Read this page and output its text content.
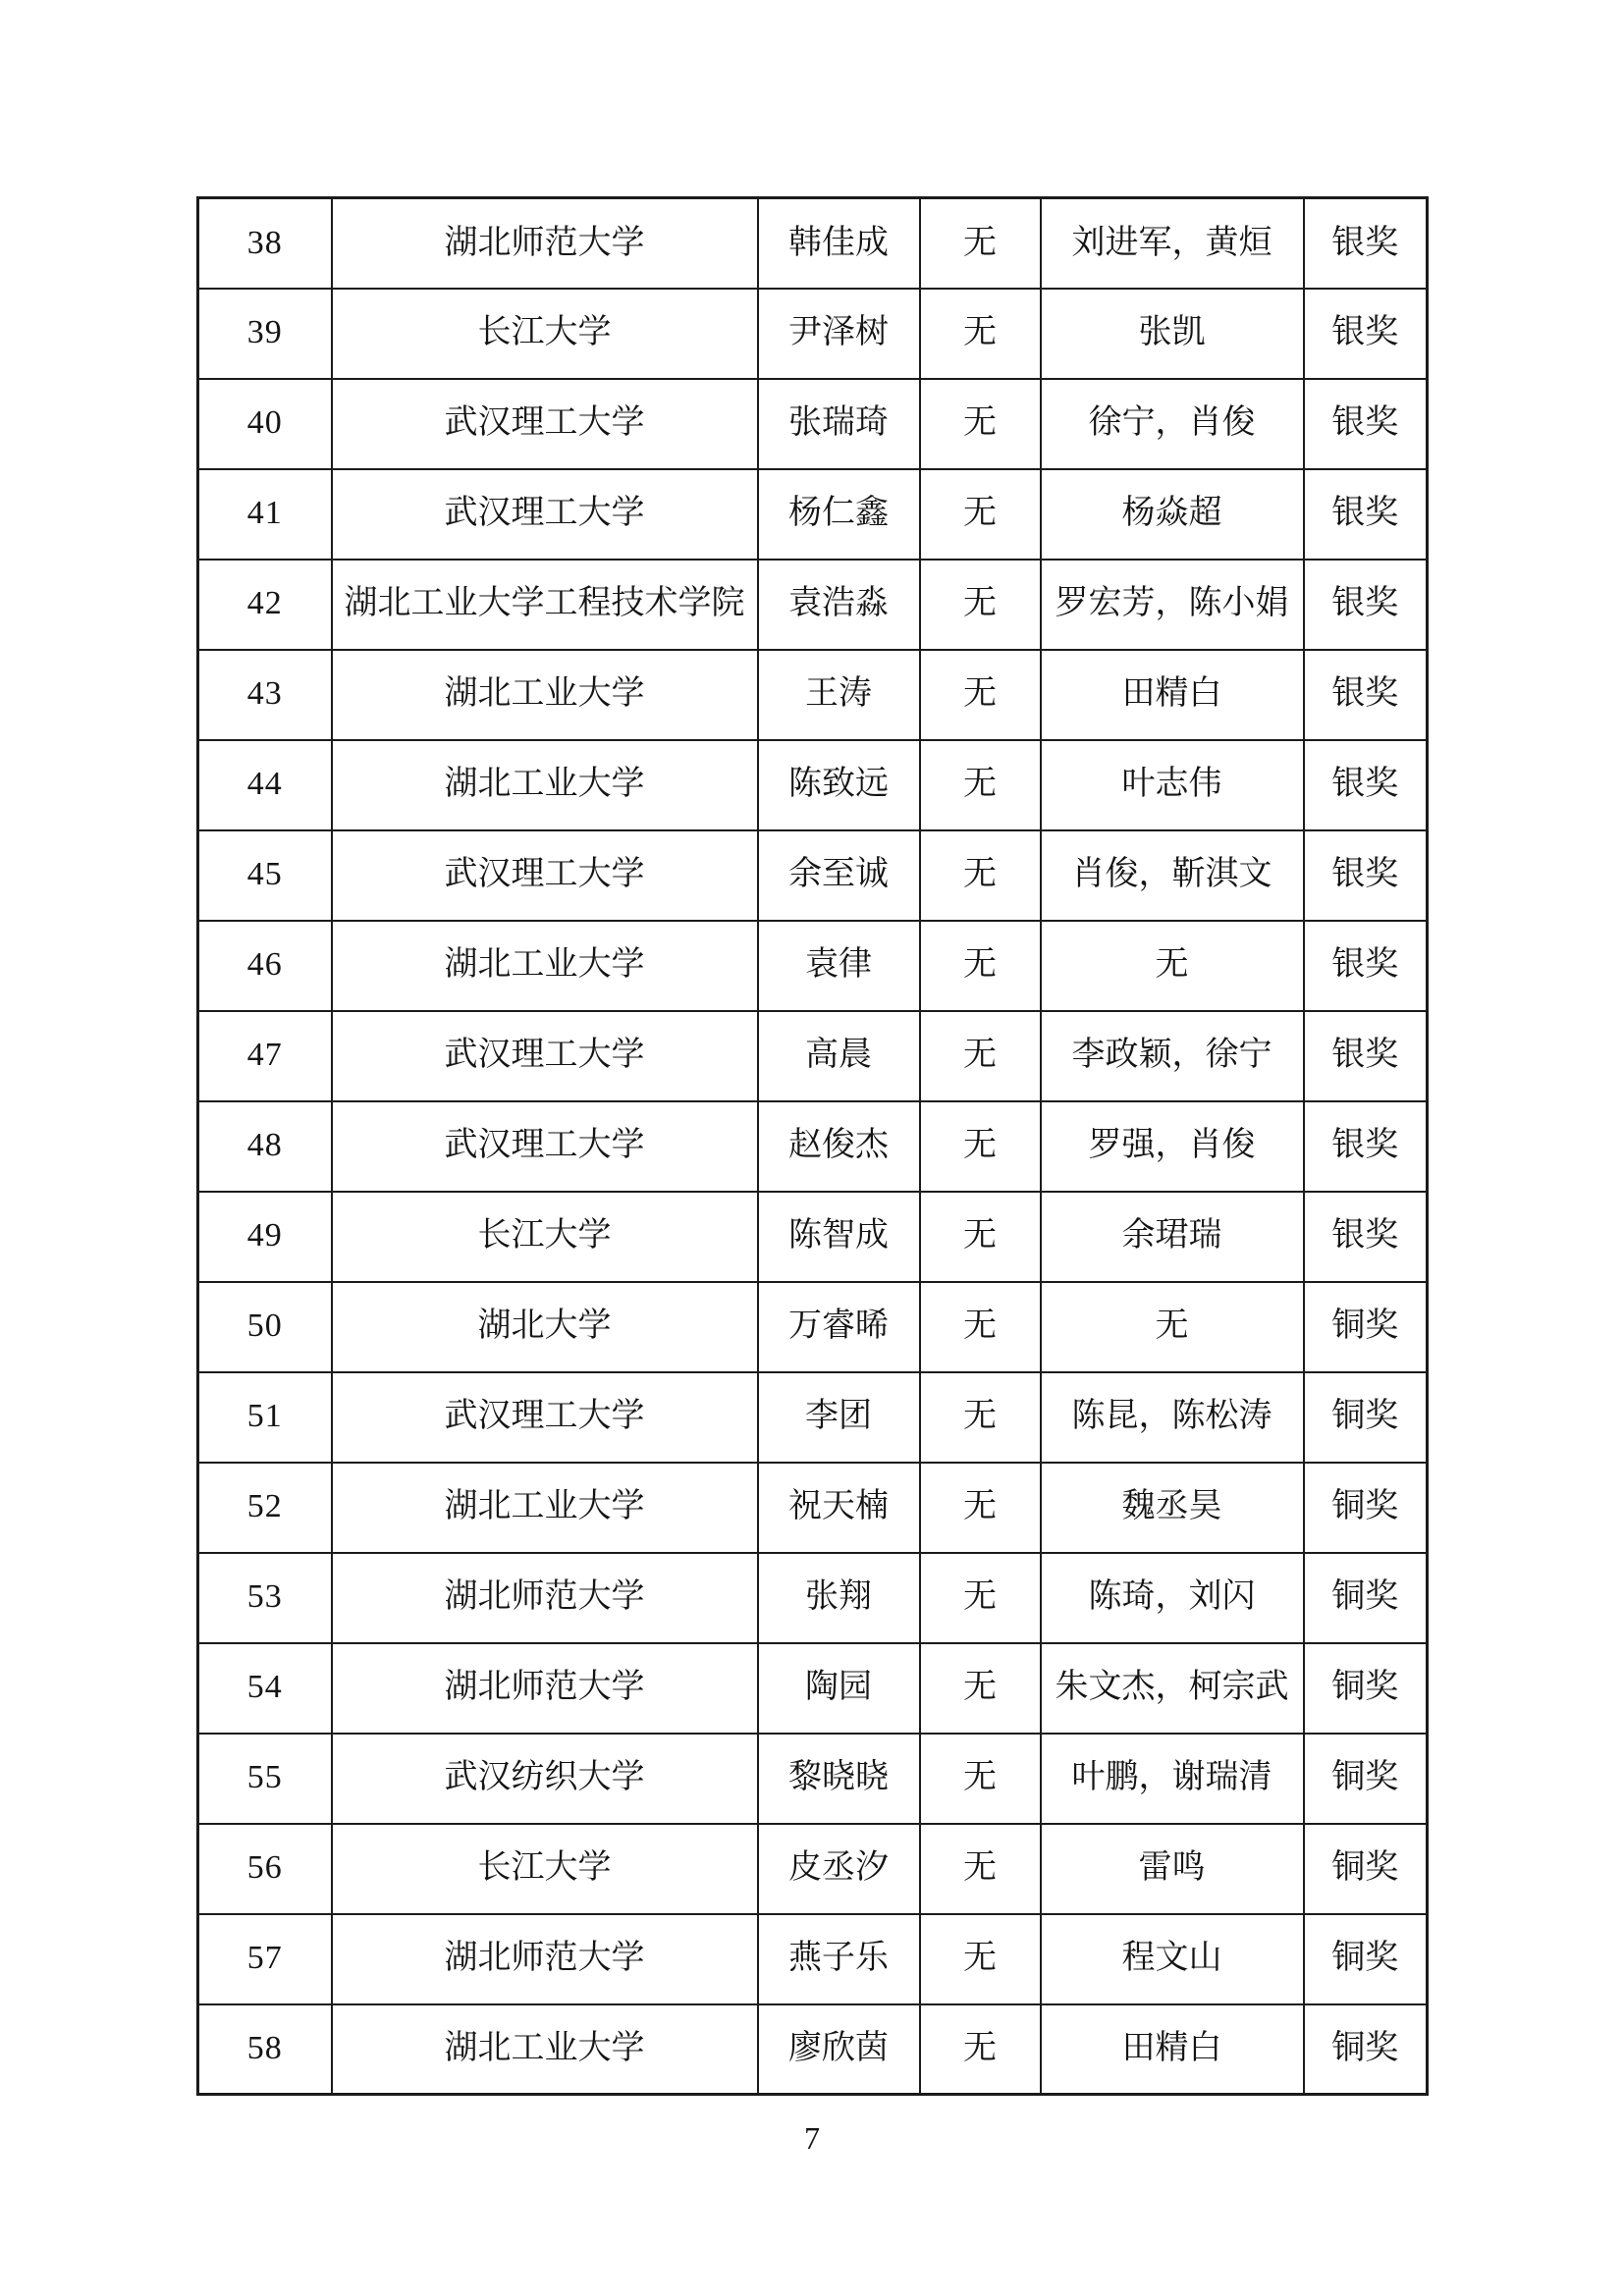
38	湖北师范大学	韩佳成	无	刘进军，黄烜	银奖
39	长江大学	尹泽树	无	张凯	银奖
40	武汉理工大学	张瑞琦	无	徐宁，肖俊	银奖
41	武汉理工大学	杨仁鑫	无	杨焱超	银奖
42	湖北工业大学工程技术学院	袁浩淼	无	罗宏芳，陈小娟	银奖
43	湖北工业大学	王涛	无	田精白	银奖
44	湖北工业大学	陈致远	无	叶志伟	银奖
45	武汉理工大学	余至诚	无	肖俊，靳淇文	银奖
46	湖北工业大学	袁律	无	无	银奖
47	武汉理工大学	高晨	无	李政颖，徐宁	银奖
48	武汉理工大学	赵俊杰	无	罗强，肖俊	银奖
49	长江大学	陈智成	无	余珺瑞	银奖
50	湖北大学	万睿晞	无	无	铜奖
51	武汉理工大学	李团	无	陈昆，陈松涛	铜奖
52	湖北工业大学	祝天楠	无	魏丞昊	铜奖
53	湖北师范大学	张翔	无	陈琦，刘闪	铜奖
54	湖北师范大学	陶园	无	朱文杰，柯宗武	铜奖
55	武汉纺织大学	黎晓晓	无	叶鹏，谢瑞清	铜奖
56	长江大学	皮丞汐	无	雷鸣	铜奖
57	湖北师范大学	燕子乐	无	程文山	铜奖
58	湖北工业大学	廖欣茵	无	田精白	铜奖
7
